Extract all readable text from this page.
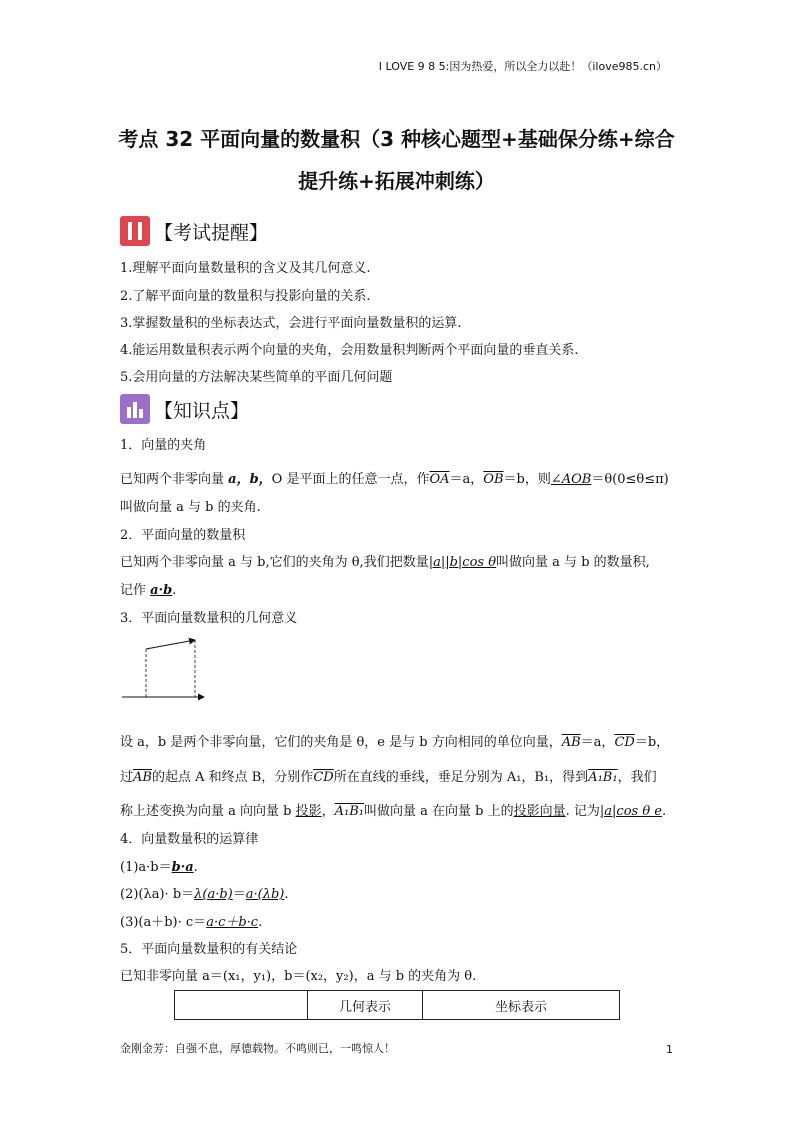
I LOVE 9 8 5:因为热爱，所以全力以赴！（ilove985.cn）
考点 32 平面向量的数量积（3 种核心题型+基础保分练+综合
提升练+拓展冲刺练）
【考试提醒】
1.理解平面向量数量积的含义及其几何意义.
2.了解平面向量的数量积与投影向量的关系.
3.掌握数量积的坐标表达式，会进行平面向量数量积的运算.
4.能运用数量积表示两个向量的夹角，会用数量积判断两个平面向量的垂直关系.
5.会用向量的方法解决某些简单的平面几何问题
【知识点】
1．向量的夹角
已知两个非零向量 a，b，O 是平面上的任意一点，作$\overline{OA}=a$，$\overline{OB}=b$，则∠AOB＝θ(0≤θ≤π)
叫做向量 a 与 b 的夹角.
2．平面向量的数量积
已知两个非零向量 a 与 b,它们的夹角为 θ,我们把数量|a||b|cos θ叫做向量 a 与 b 的数量积,
记作 a·b.
3．平面向量数量积的几何意义
设 a，b 是两个非零向量，它们的夹角是 θ，e 是与 b 方向相同的单位向量，$\overline{AB}=a$，$\overline{CD}=b$，
过$\overline{AB}$的起点 A 和终点 B，分别作$\overline{CD}$所在直线的垂线，垂足分别为 A₁，B₁，得到A₁B₁，我们
称上述变换为向量 a 向向量 b 投影，A₁B₁叫做向量 a 在向量 b 上的投影向量. 记为|a|cos θ e.
4．向量数量积的运算律
(1)a·b＝b·a.
(2)(λa)· b＝λ(a·b)＝a·(λb).
(3)(a＋b)· c＝a·c＋b·c.
5．平面向量数量积的有关结论
已知非零向量 a＝(x₁，y₁)，b＝(x₂，y₂)，a 与 b 的夹角为 θ.
	几何表示	坐标表示
金刚金芳：自强不息，厚德载物。不鸣则已，一鸣惊人！	1
